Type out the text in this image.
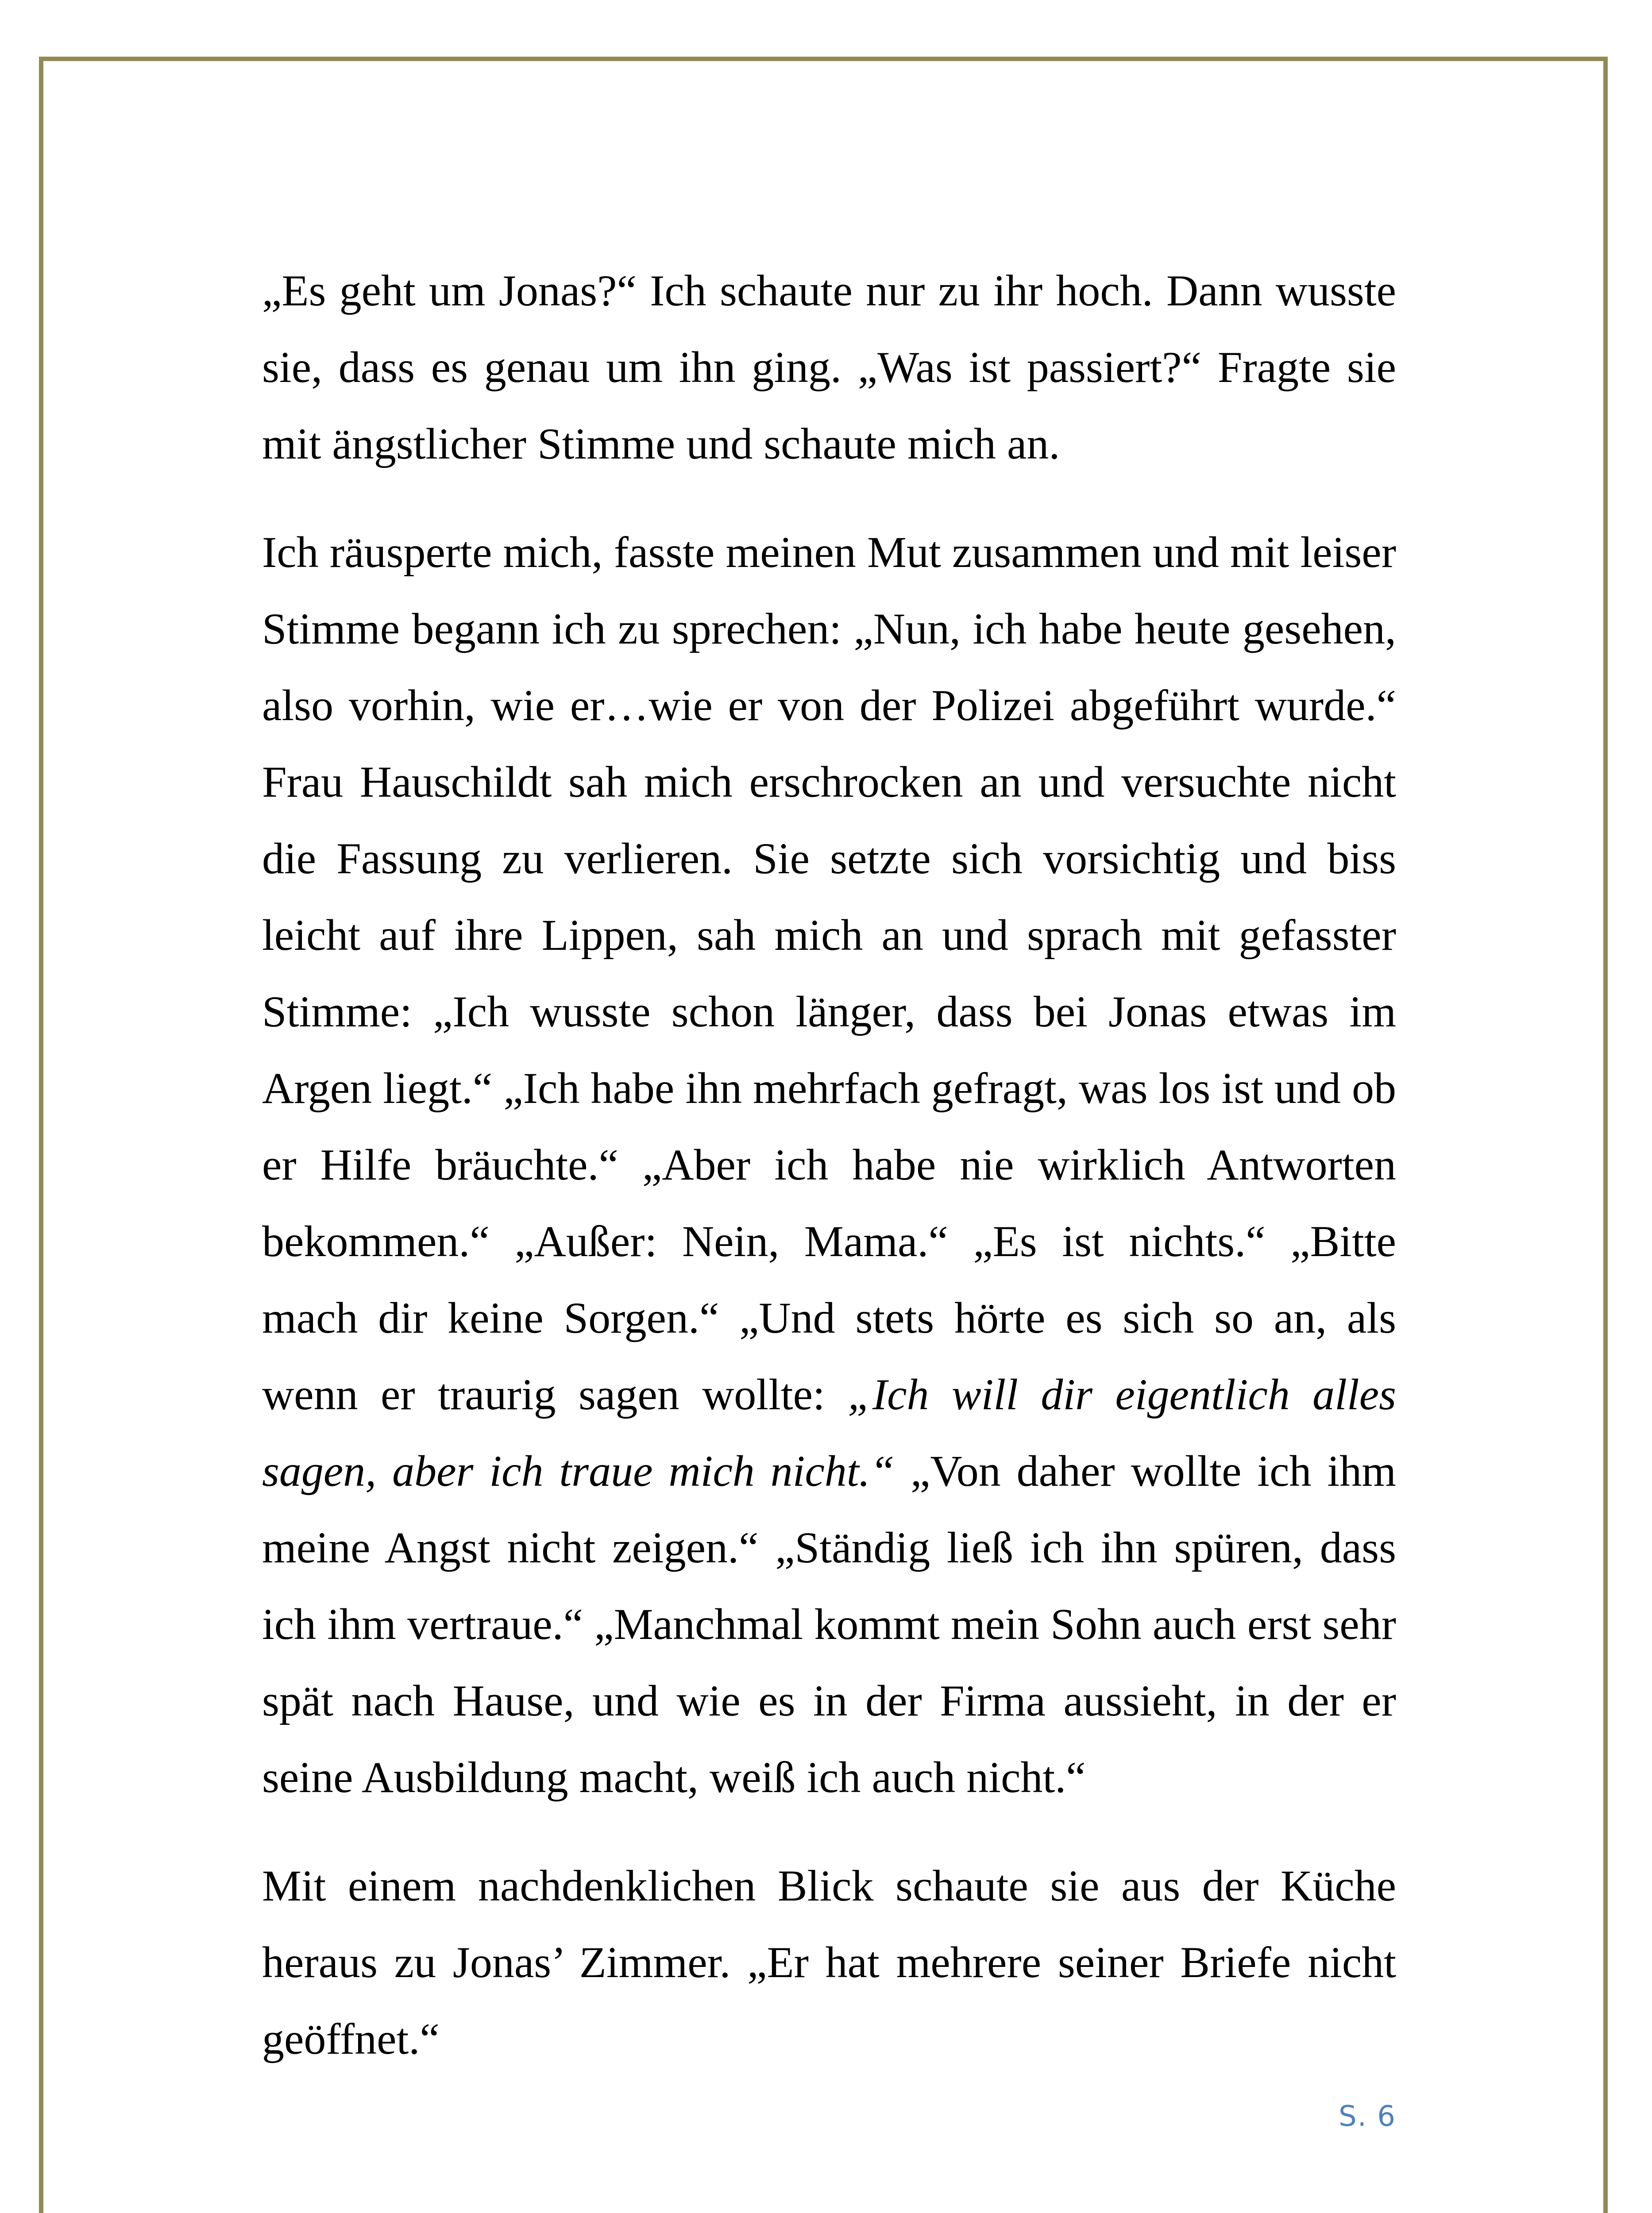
„Es geht um Jonas?“ Ich schaute nur zu ihr hoch. Dann wusste sie, dass es genau um ihn ging. „Was ist passiert?“ Fragte sie mit ängstlicher Stimme und schaute mich an.

Ich räusperte mich, fasste meinen Mut zusammen und mit leiser Stimme begann ich zu sprechen: „Nun, ich habe heute gesehen, also vorhin, wie er…wie er von der Polizei abgeführt wurde.“ Frau Hauschildt sah mich erschrocken an und versuchte nicht die Fassung zu verlieren. Sie setzte sich vorsichtig und biss leicht auf ihre Lippen, sah mich an und sprach mit gefasster Stimme: „Ich wusste schon länger, dass bei Jonas etwas im Argen liegt.“ „Ich habe ihn mehrfach gefragt, was los ist und ob er Hilfe bräuchte.“ „Aber ich habe nie wirklich Antworten bekommen.“ „Außer: Nein, Mama.“ „Es ist nichts.“ „Bitte mach dir keine Sorgen.“ „Und stets hörte es sich so an, als wenn er traurig sagen wollte: „Ich will dir eigentlich alles sagen, aber ich traue mich nicht.“ „Von daher wollte ich ihm meine Angst nicht zeigen.“ „Ständig ließ ich ihn spüren, dass ich ihm vertraue.“ „Manchmal kommt mein Sohn auch erst sehr spät nach Hause, und wie es in der Firma aussieht, in der er seine Ausbildung macht, weiß ich auch nicht.“

Mit einem nachdenklichen Blick schaute sie aus der Küche heraus zu Jonas’ Zimmer. „Er hat mehrere seiner Briefe nicht geöffnet.“

S. 6
